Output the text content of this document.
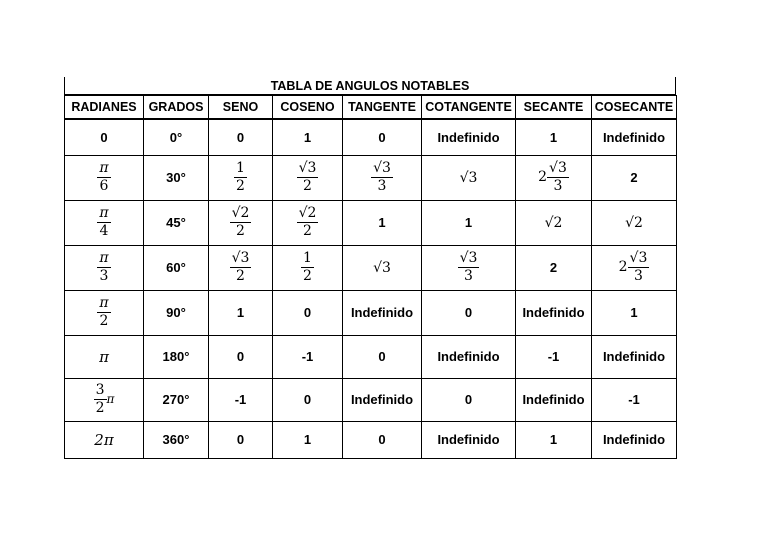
TABLA DE ANGULOS NOTABLES
RADIANES	GRADOS	SENO	COSENO	TANGENTE	COTANGENTE	SECANTE	COSECANTE
0	0°	0	1	0	Indefinido	1	Indefinido

$\frac{\pi}{6}$	30°	$\frac{1}{2}$	$\frac{√3}{2}$	$\frac{√3}{3}$	√3	$2 \frac{√3}{3}$	2

$\frac{\pi}{4}$	45°	$\frac{√2}{2}$	$\frac{√2}{2}$	1	1	√2	√2

$\frac{\pi}{3}$	60°	$\frac{√3}{2}$	$\frac{1}{2}$	√3	$\frac{√3}{3}$	2	$2 \frac{√3}{3}$

$\frac{\pi}{2}$	90°	1	0	Indefinido	0	Indefinido	1
π	180°	0	-1	0	Indefinido	-1	Indefinido

$\frac{3}{2}$ π	270°	-1	0	Indefinido	0	Indefinido	-1
2π	360°	0	1	0	Indefinido	1	Indefinido
